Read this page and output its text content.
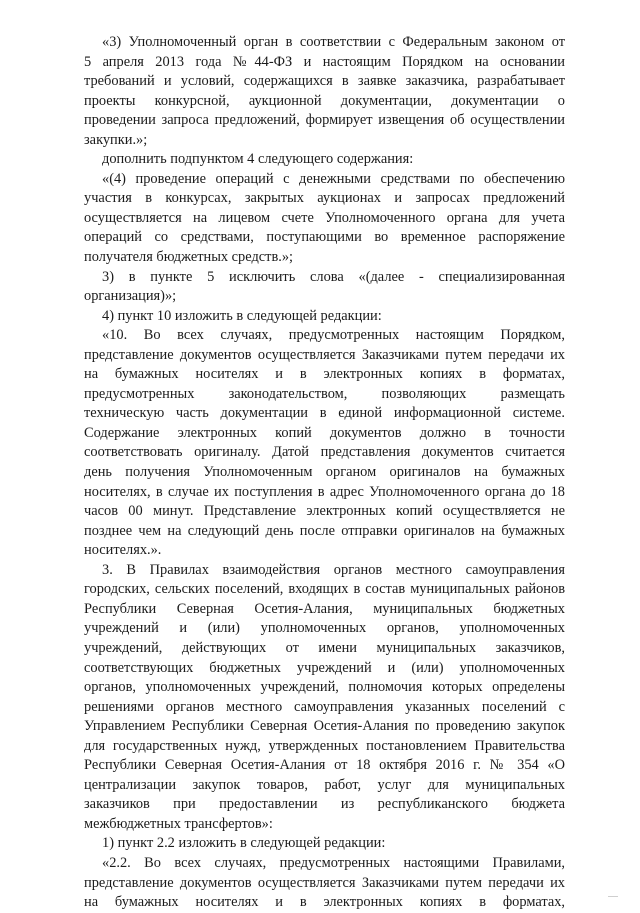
«3) Уполномоченный орган в соответствии с Федеральным законом от
5 апреля 2013 года №44-ФЗ и настоящим Порядком на основании
требований и условий, содержащихся в заявке заказчика, разрабатывает
проекты конкурсной, аукционной документации, документации о
проведении запроса предложений, формирует извещения об осуществлении
закупки.»;
дополнить подпунктом 4 следующего содержания:
«(4) проведение операций с денежными средствами по обеспечению
участия в конкурсах, закрытых аукционах и запросах предложений
осуществляется на лицевом счете Уполномоченного органа для учета
операций со средствами, поступающими во временное распоряжение
получателя бюджетных средств.»;
3) в пункте 5 исключить слова «(далее - специализированная
организация)»;
4) пункт 10 изложить в следующей редакции:
«10. Во всех случаях, предусмотренных настоящим Порядком,
представление документов осуществляется Заказчиками путем передачи их
на бумажных носителях и в электронных копиях в форматах,
предусмотренных законодательством, позволяющих размещать
техническую часть документации в единой информационной системе.
Содержание электронных копий документов должно в точности
соответствовать оригиналу. Датой представления документов считается
день получения Уполномоченным органом оригиналов на бумажных
носителях, в случае их поступления в адрес Уполномоченного органа до 18
часов 00 минут. Представление электронных копий осуществляется не
позднее чем на следующий день после отправки оригиналов на бумажных
носителях.».
3. В Правилах взаимодействия органов местного самоуправления
городских, сельских поселений, входящих в состав муниципальных районов
Республики Северная Осетия-Алания, муниципальных бюджетных
учреждений и (или) уполномоченных органов, уполномоченных
учреждений, действующих от имени муниципальных заказчиков,
соответствующих бюджетных учреждений и (или) уполномоченных
органов, уполномоченных учреждений, полномочия которых определены
решениями органов местного самоуправления указанных поселений с
Управлением Республики Северная Осетия-Алания по проведению закупок
для государственных нужд, утвержденных постановлением Правительства
Республики Северная Осетия-Алания от 18 октября 2016 г. № 354 «О
централизации закупок товаров, работ, услуг для муниципальных
заказчиков при предоставлении из республиканского бюджета
межбюджетных трансфертов»:
1) пункт 2.2 изложить в следующей редакции:
«2.2. Во всех случаях, предусмотренных настоящими Правилами,
представление документов осуществляется Заказчиками путем передачи их
на бумажных носителях и в электронных копиях в форматах,
